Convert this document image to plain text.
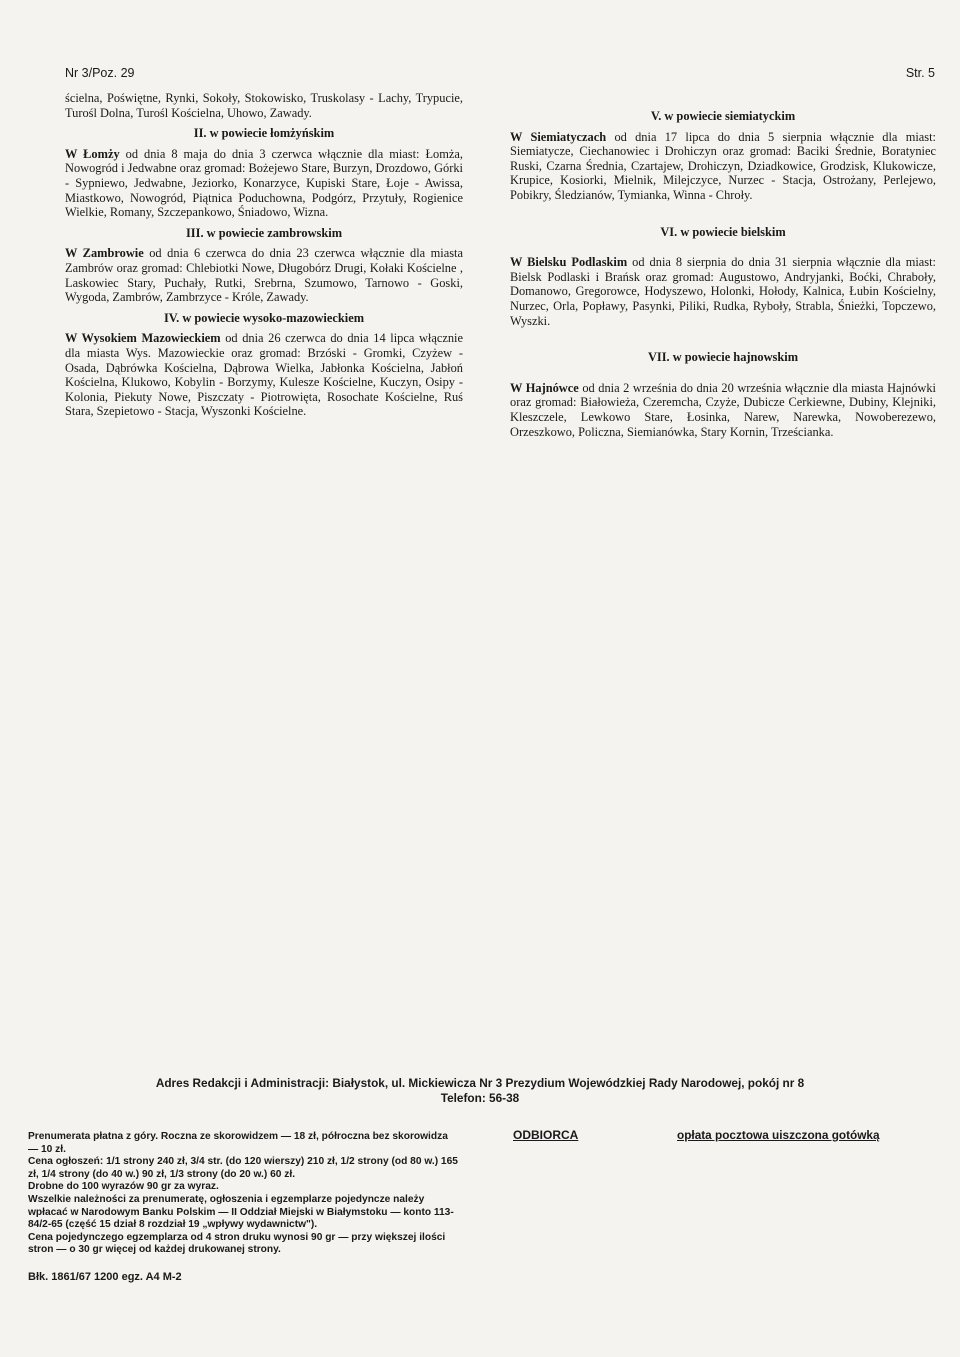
Nr 3/Poz. 29	Str. 5

ścielna, Poświętne, Rynki, Sokoły, Stokowisko, Truskolasy - Lachy, Trypucie, Turośl Dolna, Turośl Kościelna, Uhowo, Zawady.

II. w powiecie łomżyńskim

W Łomży od dnia 8 maja do dnia 3 czerwca włącznie dla miast: Łomża, Nowogród i Jedwabne oraz gromad: Bożejewo Stare, Burzyn, Drozdowo, Górki - Sypniewo, Jedwabne, Jeziorko, Konarzyce, Kupiski Stare, Łoje - Awissa, Miastkowo, Nowogród, Piątnica Poduchowna, Podgórz, Przytuły, Rogienice Wielkie, Romany, Szczepankowo, Śniadowo, Wizna.

III. w powiecie zambrowskim

W Zambrowie od dnia 6 czerwca do dnia 23 czerwca włącznie dla miasta Zambrów oraz gromad: Chlebiotki Nowe, Długobórz Drugi, Kołaki Kościelne , Laskowiec Stary, Puchały, Rutki, Srebrna, Szumowo, Tarnowo - Goski, Wygoda, Zambrów, Zambrzyce - Króle, Zawady.

IV. w powiecie wysoko-mazowieckiem

W Wysokiem Mazowieckiem od dnia 26 czerwca do dnia 14 lipca włącznie dla miasta Wys. Mazowieckie oraz gromad: Brzóski - Gromki, Czyżew - Osada, Dąbrówka Kościelna, Dąbrowa Wielka, Jabłonka Kościelna, Jabłoń Kościelna, Klukowo, Kobylin - Borzymy, Kulesze Kościelne, Kuczyn, Osipy - Kolonia, Piekuty Nowe, Piszczaty - Piotrowięta, Rosochate Kościelne, Ruś Stara, Szepietowo - Stacja, Wyszonki Kościelne.

V. w powiecie siemiatyckim

W Siemiatyczach od dnia 17 lipca do dnia 5 sierpnia włącznie dla miast: Siemiatycze, Ciechanowiec i Drohiczyn oraz gromad: Baciki Średnie, Boratyniec Ruski, Czarna Średnia, Czartajew, Drohiczyn, Dziadkowice, Grodzisk, Klukowicze, Krupice, Kosiorki, Mielnik, Milejczyce, Nurzec - Stacja, Ostrożany, Perlejewo, Pobikry, Śledzianów, Tymianka, Winna - Chroły.

VI. w powiecie bielskim

W Bielsku Podlaskim od dnia 8 sierpnia do dnia 31 sierpnia włącznie dla miast: Bielsk Podlaski i Brańsk oraz gromad: Augustowo, Andryjanki, Boćki, Chraboły, Domanowo, Gregorowce, Hodyszewo, Holonki, Hołody, Kalnica, Łubin Kościelny, Nurzec, Orla, Popławy, Pasynki, Piliki, Rudka, Ryboły, Strabla, Śnieżki, Topczewo, Wyszki.

VII. w powiecie hajnowskim

W Hajnówce od dnia 2 września do dnia 20 września włącznie dla miasta Hajnówki oraz gromad: Białowieża, Czeremcha, Czyże, Dubicze Cerkiewne, Dubiny, Klejniki, Kleszczele, Lewkowo Stare, Łosinka, Narew, Narewka, Nowoberezewo, Orzeszkowo, Policzna, Siemianówka, Stary Kornin, Trześcianka.

Adres Redakcji i Administracji: Białystok, ul. Mickiewicza Nr 3 Prezydium Wojewódzkiej Rady Narodowej, pokój nr 8
Telefon: 56-38

Prenumerata płatna z góry. Roczna ze skorowidzem — 18 zł, półroczna bez skorowidza — 10 zł.

Cena ogłoszeń: 1/1 strony 240 zł, 3/4 str. (do 120 wierszy) 210 zł, 1/2 strony (od 80 w.) 165 zł, 1/4 strony (do 40 w.) 90 zł, 1/3 strony (do 20 w.) 60 zł.

Drobne do 100 wyrazów 90 gr za wyraz.

Wszelkie należności za prenumeratę, ogłoszenia i egzemplarze pojedyncze należy wpłacać w Narodowym Banku Polskim — II Oddział Miejski w Białymstoku — konto 113-84/2-65 (część 15 dział 8 rozdział 19 „wpływy wydawnictw").

Cena pojedynczego egzemplarza od 4 stron druku wynosi 90 gr — przy większej ilości stron — o 30 gr więcej od każdej drukowanej strony.

Błk. 1861/67 1200 egz. A4 M-2

ODBIORCA	opłata pocztowa uiszczona gotówką
